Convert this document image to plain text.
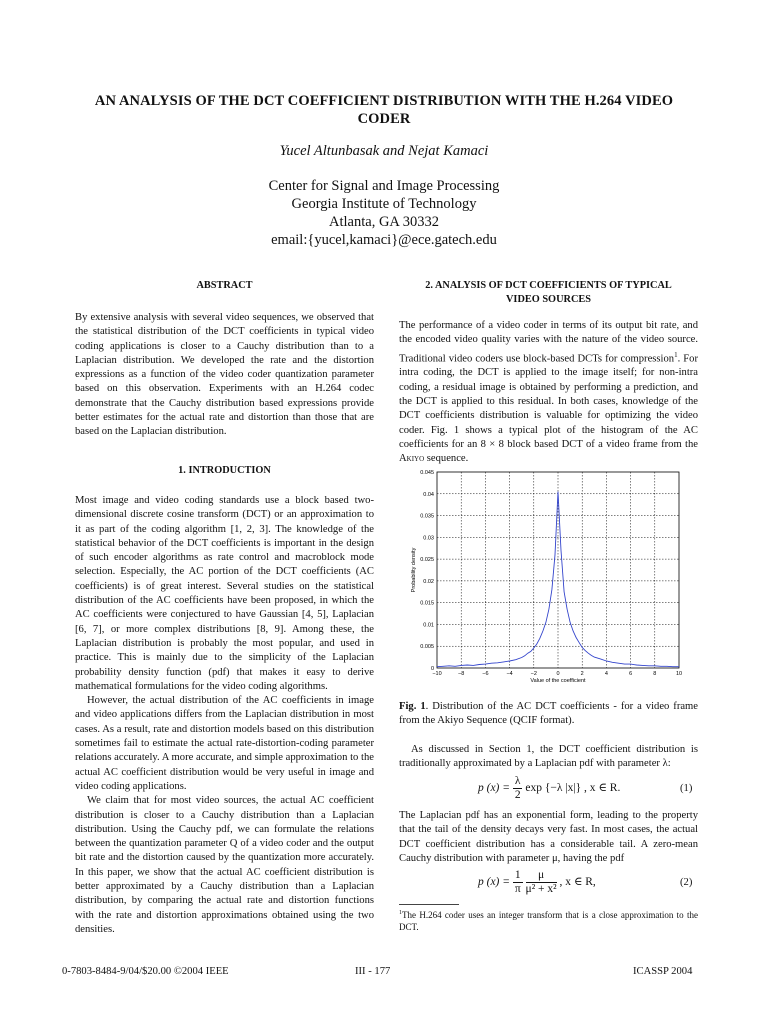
AN ANALYSIS OF THE DCT COEFFICIENT DISTRIBUTION WITH THE H.264 VIDEO
CODER
Yucel Altunbasak and Nejat Kamaci
Center for Signal and Image Processing
Georgia Institute of Technology
Atlanta, GA 30332
email:{yucel,kamaci}@ece.gatech.edu
ABSTRACT

By extensive analysis with several video sequences, we observed that the statistical distribution of the DCT coefficients in typical video coding applications is closer to a Cauchy distribution than to a Laplacian distribution. We developed the rate and the distortion expressions as a function of the video coder quantization parameter based on this observation. Experiments with an H.264 codec demonstrate that the Cauchy distribution based expressions provide better estimates for the actual rate and distortion than those that are based on the Laplacian distribution.

1. INTRODUCTION

Most image and video coding standards use a block based two-dimensional discrete cosine transform (DCT) or an approximation to it as part of the coding algorithm [1, 2, 3]. The knowledge of the statistical behavior of the DCT coefficients is important in the design of such encoder algorithms as rate control and macroblock mode selection. Especially, the AC portion of the DCT coefficients (AC coefficients) is of great interest. Several studies on the statistical distribution of the AC coefficients have been proposed, in which the AC coefficients were conjectured to have Gaussian [4, 5], Laplacian [6, 7], or more complex distributions [8, 9]. Among these, the Laplacian distribution is probably the most popular, and used in practice. This is mainly due to the simplicity of the Laplacian probability density function (pdf) that makes it easy to derive mathematical formulations for the video coding algorithms.

However, the actual distribution of the AC coefficients in image and video applications differs from the Laplacian distribution in most cases. As a result, rate and distortion models based on this distribution sometimes fail to estimate the actual rate-distortion-coding parameter relations accurately. A more accurate, and simple approximation to the actual AC coefficient distribution would be very useful in image and video coding applications.

We claim that for most video sources, the actual AC coefficient distribution is closer to a Cauchy distribution than a Laplacian distribution. Using the Cauchy pdf, we can formulate the relations between the quantization parameter Q of a video coder and the output bit rate and the distortion caused by the quantization more accurately. In this paper, we show that the actual AC coefficient distribution is better approximated by a Cauchy distribution than a Laplacian distribution, by comparing the actual rate and distortion functions with the rate and distortion approximations obtained using the two densities.

2. ANALYSIS OF DCT COEFFICIENTS OF TYPICAL
VIDEO SOURCES

The performance of a video coder in terms of its output bit rate, and the encoded video quality varies with the nature of the video source. Traditional video coders use block-based DCTs for compression$^1$. For intra coding, the DCT is applied to the image itself; for non-intra coding, a residual image is obtained by performing a prediction, and the DCT is applied to this residual. In both cases, knowledge of the DCT coefficients distribution is valuable for optimizing the video coder. Fig. 1 shows a typical plot of the histogram of the AC coefficients for an 8 × 8 block based DCT of a video frame from the Akiyo sequence.

−10	−8	−6	−4	−2	0	2	4	6	8	10
0
0.005
0.01
0.015
0.02
0.025
0.03
0.035
0.04
0.045
Probability density
Value of the coefficient

Fig. 1. Distribution of the AC DCT coefficients - for a video frame from the Akiyo Sequence (QCIF format).

As discussed in Section 1, the DCT coefficient distribution is traditionally approximated by a Laplacian pdf with parameter λ:

p $(x) = \frac{\lambda}{2}$ exp {−λ |x|} , x ∈ R.	(1)

The Laplacian pdf has an exponential form, leading to the property that the tail of the density decays very fast. In most cases, the actual DCT coefficient distribution has a considerable tail. A zero-mean Cauchy distribution with parameter μ, having the pdf

p $(x) = \frac{1}{\pi}$
$\frac{\mu}{\text{μ² + x²}}$ , x ∈ R,	(2)
$^1$The H.264 coder uses an integer transform that is a close approximation to the DCT.
0-7803-8484-9/04/$20.00 ©2004 IEEE	III - 177	ICASSP 2004
